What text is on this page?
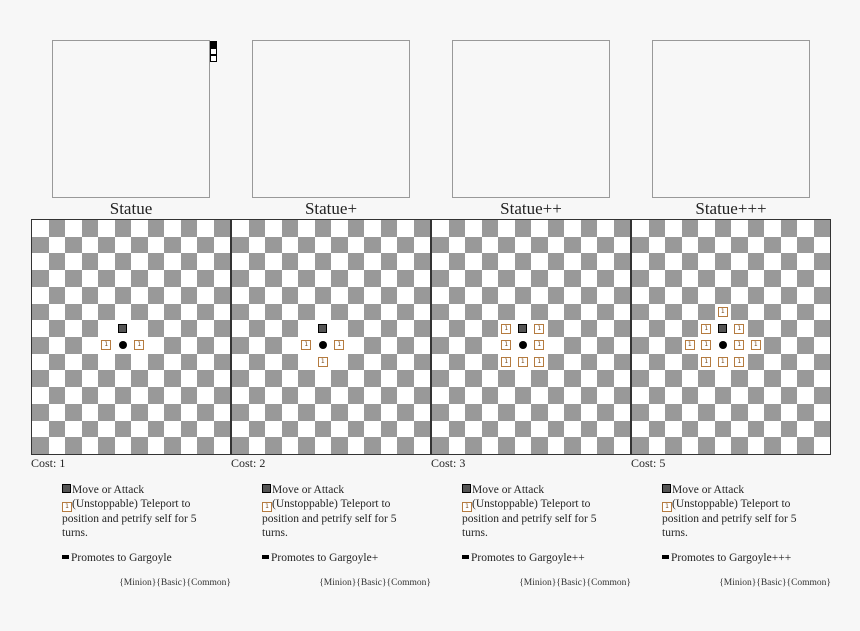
Statue
1	1
Cost: 1
Move or Attack
1 (Unstoppable) Teleport to position and petrify self for 5 turns.
Promotes to Gargoyle
{Minion}{Basic}{Common}
Statue+
1	1
1
Cost: 2
Move or Attack
1 (Unstoppable) Teleport to position and petrify self for 5 turns.
Promotes to Gargoyle+
{Minion}{Basic}{Common}
Statue++
1	1
1	1
1	1	1
Cost: 3
Move or Attack
1 (Unstoppable) Teleport to position and petrify self for 5 turns.
Promotes to Gargoyle++
{Minion}{Basic}{Common}
Statue+++
1
1	1
1	1	1	1
1	1	1
Cost: 5
Move or Attack
1 (Unstoppable) Teleport to position and petrify self for 5 turns.
Promotes to Gargoyle+++
{Minion}{Basic}{Common}
